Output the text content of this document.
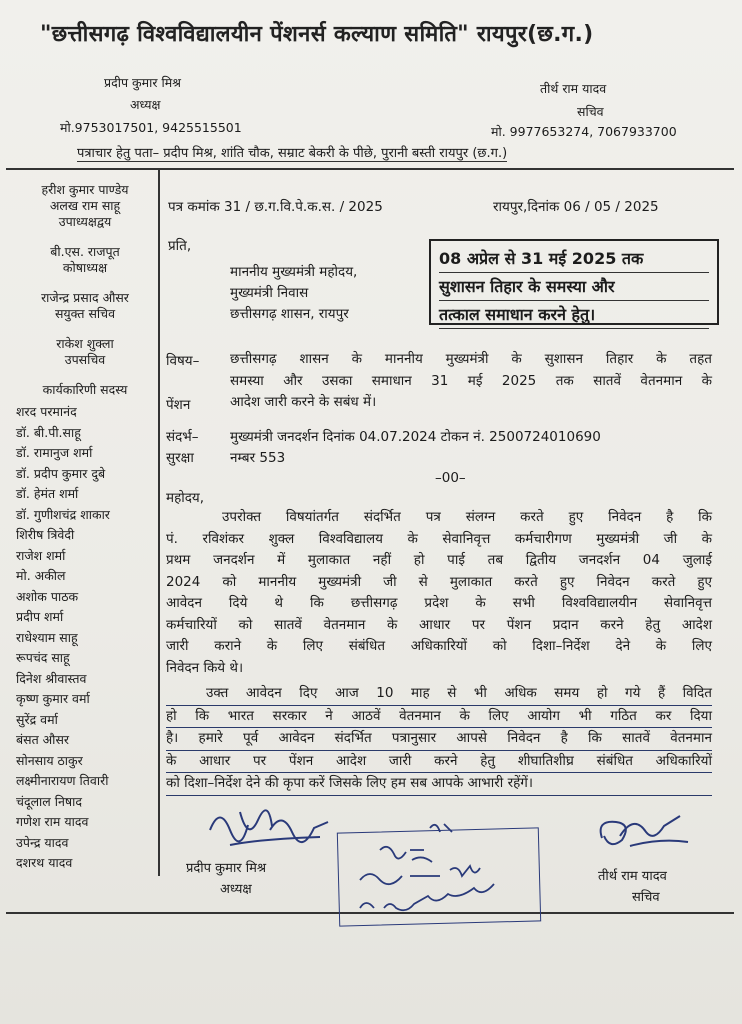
"छत्तीसगढ़ विश्वविद्यालयीन पेंशनर्स कल्याण समिति" रायपुर(छ.ग.)
प्रदीप कुमार मिश्र
अध्यक्ष
मो.9753017501, 9425515501
तीर्थ राम यादव
सचिव
मो. 9977653274, 7067933700
पत्राचार हेतु पता– प्रदीप मिश्र, शांति चौक, सम्राट बेकरी के पीछे, पुरानी बस्ती रायपुर (छ.ग.)
हरीश कुमार पाण्डेय
अलख राम साहू
उपाध्यक्षद्वय
बी.एस. राजपूत
कोषाध्यक्ष
राजेन्द्र प्रसाद औसर
सयुक्त सचिव
राकेश शुक्ला
उपसचिव
कार्यकारिणी सदस्य
शरद परमानंद
डॉ. बी.पी.साहू
डॉ. रामानुज शर्मा
डॉ. प्रदीप कुमार दुबे
डॉ. हेमंत शर्मा
डॉ. गुणीशचंद्र शाकार
शिरीष त्रिवेदी
राजेश शर्मा
मो. अकील
अशोक पाठक
प्रदीप शर्मा
राधेश्याम साहू
रूपचंद साहू
दिनेश श्रीवास्तव
कृष्ण कुमार वर्मा
सुरेंद्र वर्मा
बंसत औसर
सोनसाय ठाकुर
लक्ष्मीनारायण तिवारी
चंदूलाल निषाद
गणेश राम यादव
उपेन्द्र यादव
दशरथ यादव
पत्र कमांक 31 / छ.ग.वि.पे.क.स. / 2025	रायपुर,दिनांक 06 / 05 / 2025
प्रति,
माननीय मुख्यमंत्री महोदय,
मुख्यमंत्री निवास
छत्तीसगढ़ शासन, रायपुर
08 अप्रेल से 31 मई 2025 तक
सुशासन तिहार के समस्या और
तत्काल समाधान करने हेतु।
विषय–
पेंशन
छत्तीसगढ़ शासन के माननीय मुख्यमंत्री के सुशासन तिहार के तहत
समस्या और उसका समाधान 31 मई 2025 तक सातवें वेतनमान के
आदेश जारी करने के सबंध में।
संदर्भ–
सुरक्षा
मुख्यमंत्री जनदर्शन दिनांक 04.07.2024 टोकन नं. 2500724010690
नम्बर 553
–00–
महोदय,
उपरोक्त विषयांतर्गत संदर्भित पत्र संलग्न करते हुए निवेदन है कि
पं. रविशंकर शुक्ल विश्वविद्यालय के सेवानिवृत्त कर्मचारीगण मुख्यमंत्री जी के
प्रथम जनदर्शन में मुलाकात नहीं हो पाई तब द्वितीय जनदर्शन 04 जुलाई
2024 को माननीय मुख्यमंत्री जी से मुलाकात करते हुए निवेदन करते हुए
आवेदन दिये थे कि छत्तीसगढ़ प्रदेश के सभी विश्वविद्यालयीन सेवानिवृत्त
कर्मचारियों को सातवें वेतनमान के आधार पर पेंशन प्रदान करने हेतु आदेश
जारी कराने के लिए संबंधित अधिकारियों को दिशा–निर्देश देने के लिए
निवेदन किये थे।
उक्त आवेदन दिए आज 10 माह से भी अधिक समय हो गये हैं विदित
हो कि भारत सरकार ने आठवें वेतनमान के लिए आयोग भी गठित कर दिया
है। हमारे पूर्व आवेदन संदर्भित पत्रानुसार आपसे निवेदन है कि सातवें वेतनमान
के आधार पर पेंशन आदेश जारी करने हेतु शीघातिशीघ्र संबंधित अधिकारियों
को दिशा–निर्देश देने की कृपा करें जिसके लिए हम सब आपके आभारी रहेंगें।
प्रदीप कुमार मिश्र
अध्यक्ष
तीर्थ राम यादव
सचिव
